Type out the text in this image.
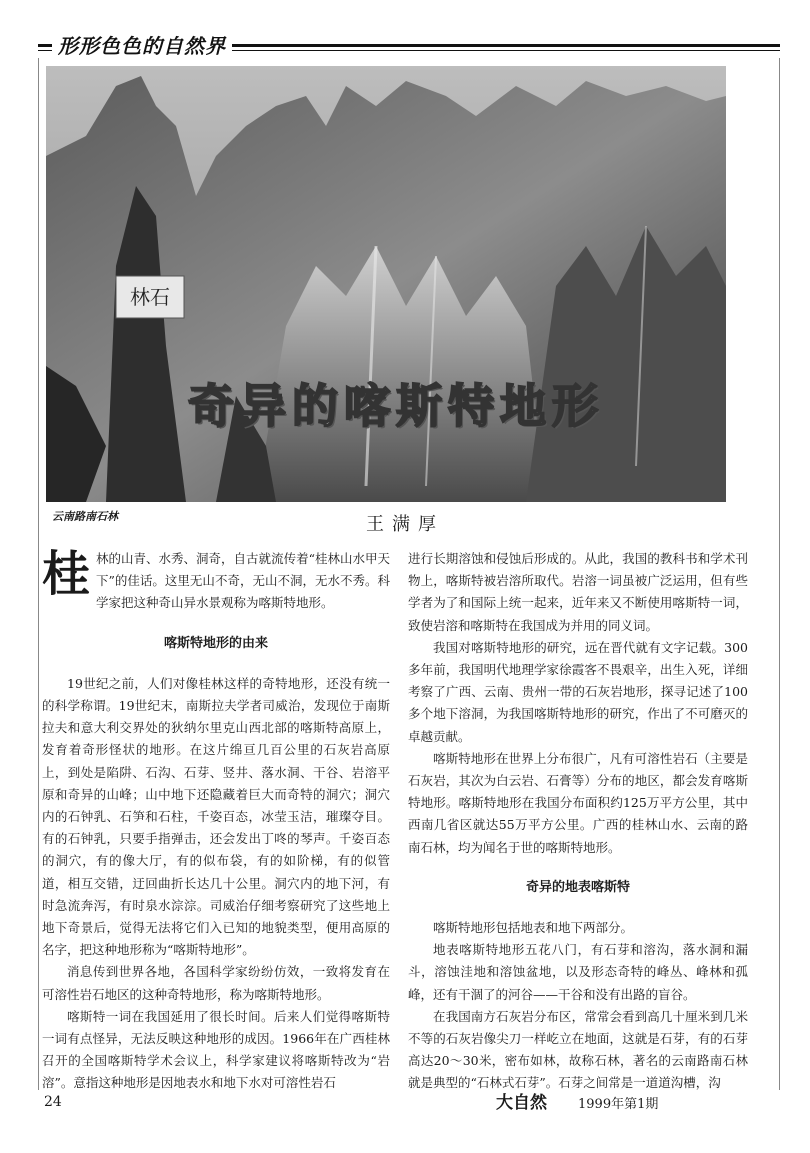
形形色色的自然界
林石
奇异的喀斯特地形
云南路南石林	王满厚

桂林的山青、水秀、洞奇，自古就流传着“桂林山水甲天下”的佳话。这里无山不奇，无山不洞，无水不秀。科学家把这种奇山异水景观称为喀斯特地形。

喀斯特地形的由来

19世纪之前，人们对像桂林这样的奇特地形，还没有统一的科学称谓。19世纪末，南斯拉夫学者司威治，发现位于南斯拉夫和意大利交界处的狄纳尔里克山西北部的喀斯特高原上，发育着奇形怪状的地形。在这片绵亘几百公里的石灰岩高原上，到处是陷阱、石沟、石芽、竖井、落水洞、干谷、岩溶平原和奇异的山峰；山中地下还隐藏着巨大而奇特的洞穴；洞穴内的石钟乳、石笋和石柱，千姿百态，冰莹玉洁，璀璨夺目。有的石钟乳，只要手指弹击，还会发出丁咚的琴声。千姿百态的洞穴，有的像大厅，有的似布袋，有的如阶梯，有的似管道，相互交错，迂回曲折长达几十公里。洞穴内的地下河，有时急流奔泻，有时泉水淙淙。司威治仔细考察研究了这些地上地下奇景后，觉得无法将它们入已知的地貌类型，便用高原的名字，把这种地形称为“喀斯特地形”。

消息传到世界各地，各国科学家纷纷仿效，一致将发育在可溶性岩石地区的这种奇特地形，称为喀斯特地形。

喀斯特一词在我国延用了很长时间。后来人们觉得喀斯特一词有点怪异，无法反映这种地形的成因。1966年在广西桂林召开的全国喀斯特学术会议上，科学家建议将喀斯特改为“岩溶”。意指这种地形是因地表水和地下水对可溶性岩石

进行长期溶蚀和侵蚀后形成的。从此，我国的教科书和学术刊物上，喀斯特被岩溶所取代。岩溶一词虽被广泛运用，但有些学者为了和国际上统一起来，近年来又不断使用喀斯特一词，致使岩溶和喀斯特在我国成为并用的同义词。

我国对喀斯特地形的研究，远在晋代就有文字记载。300多年前，我国明代地理学家徐霞客不畏艰辛，出生入死，详细考察了广西、云南、贵州一带的石灰岩地形，探寻记述了100多个地下溶洞，为我国喀斯特地形的研究，作出了不可磨灭的卓越贡献。

喀斯特地形在世界上分布很广，凡有可溶性岩石（主要是石灰岩，其次为白云岩、石膏等）分布的地区，都会发育喀斯特地形。喀斯特地形在我国分布面积约125万平方公里，其中西南几省区就达55万平方公里。广西的桂林山水、云南的路南石林，均为闻名于世的喀斯特地形。

奇异的地表喀斯特

喀斯特地形包括地表和地下两部分。

地表喀斯特地形五花八门，有石芽和溶沟，落水洞和漏斗，溶蚀洼地和溶蚀盆地，以及形态奇特的峰丛、峰林和孤峰，还有干涸了的河谷——干谷和没有出路的盲谷。

在我国南方石灰岩分布区，常常会看到高几十厘米到几米不等的石灰岩像尖刀一样屹立在地面，这就是石芽，有的石芽高达20～30米，密布如林，故称石林，著名的云南路南石林就是典型的“石林式石芽”。石芽之间常是一道道沟槽，沟

24	大自然 1999年第1期
